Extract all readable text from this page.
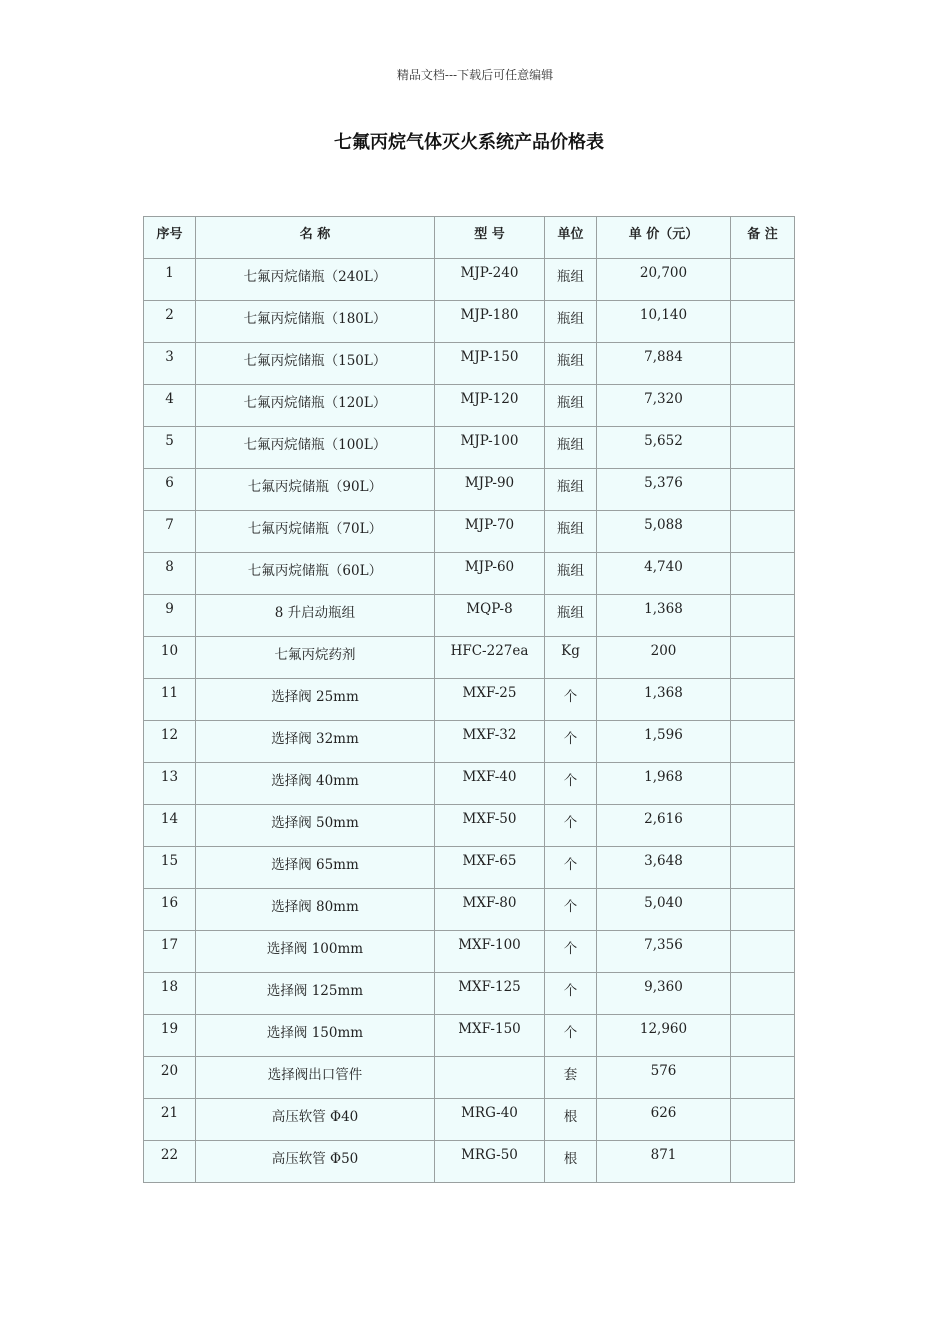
精品文档---下载后可任意编辑
七氟丙烷气体灭火系统产品价格表
序号	名 称	型 号	单位	单 价（元）	备 注
1	七氟丙烷储瓶（240L）	MJP-240	瓶组	20,700	
2	七氟丙烷储瓶（180L）	MJP-180	瓶组	10,140	
3	七氟丙烷储瓶（150L）	MJP-150	瓶组	7,884	
4	七氟丙烷储瓶（120L）	MJP-120	瓶组	7,320	
5	七氟丙烷储瓶（100L）	MJP-100	瓶组	5,652	
6	七氟丙烷储瓶（90L）	MJP-90	瓶组	5,376	
7	七氟丙烷储瓶（70L）	MJP-70	瓶组	5,088	
8	七氟丙烷储瓶（60L）	MJP-60	瓶组	4,740	
9	8 升启动瓶组	MQP-8	瓶组	1,368	
10	七氟丙烷药剂	HFC-227ea	Kg	200	
11	选择阀 25mm	MXF-25	个	1,368	
12	选择阀 32mm	MXF-32	个	1,596	
13	选择阀 40mm	MXF-40	个	1,968	
14	选择阀 50mm	MXF-50	个	2,616	
15	选择阀 65mm	MXF-65	个	3,648	
16	选择阀 80mm	MXF-80	个	5,040	
17	选择阀 100mm	MXF-100	个	7,356	
18	选择阀 125mm	MXF-125	个	9,360	
19	选择阀 150mm	MXF-150	个	12,960	
20	选择阀出口管件		套	576	
21	高压软管 Φ40	MRG-40	根	626	
22	高压软管 Φ50	MRG-50	根	871	
